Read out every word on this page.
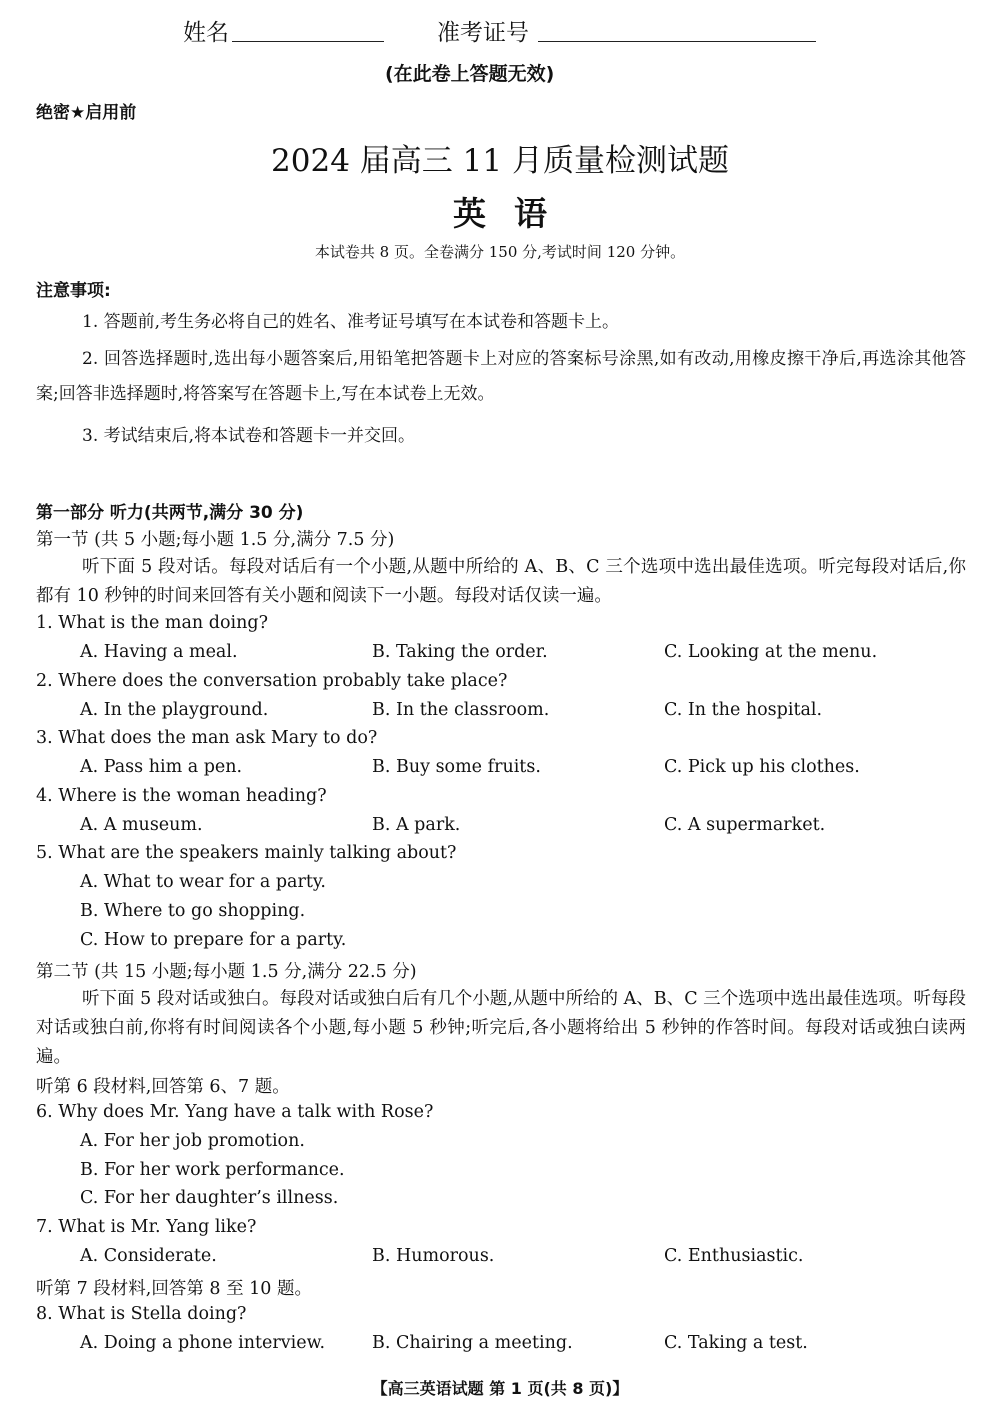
姓名	准考证号
(在此卷上答题无效)
绝密★启用前
2024 届高三 11 月质量检测试题
英语
本试卷共 8 页。全卷满分 150 分,考试时间 120 分钟。
注意事项:
1. 答题前,考生务必将自己的姓名、准考证号填写在本试卷和答题卡上。
2. 回答选择题时,选出每小题答案后,用铅笔把答题卡上对应的答案标号涂黑,如有改动,用橡皮擦干净后,再选涂其他答案;回答非选择题时,将答案写在答题卡上,写在本试卷上无效。
3. 考试结束后,将本试卷和答题卡一并交回。
第一部分 听力(共两节,满分 30 分)
第一节 (共 5 小题;每小题 1.5 分,满分 7.5 分)
听下面 5 段对话。每段对话后有一个小题,从题中所给的 A、B、C 三个选项中选出最佳选项。听完每段对话后,你都有 10 秒钟的时间来回答有关小题和阅读下一小题。每段对话仅读一遍。
1. What is the man doing?
A. Having a meal.	B. Taking the order.	C. Looking at the menu.
2. Where does the conversation probably take place?
A. In the playground.	B. In the classroom.	C. In the hospital.
3. What does the man ask Mary to do?
A. Pass him a pen.	B. Buy some fruits.	C. Pick up his clothes.
4. Where is the woman heading?
A. A museum.	B. A park.	C. A supermarket.
5. What are the speakers mainly talking about?
A. What to wear for a party.
B. Where to go shopping.
C. How to prepare for a party.
第二节 (共 15 小题;每小题 1.5 分,满分 22.5 分)
听下面 5 段对话或独白。每段对话或独白后有几个小题,从题中所给的 A、B、C 三个选项中选出最佳选项。听每段对话或独白前,你将有时间阅读各个小题,每小题 5 秒钟;听完后,各小题将给出 5 秒钟的作答时间。每段对话或独白读两遍。
听第 6 段材料,回答第 6、7 题。
6. Why does Mr. Yang have a talk with Rose?
A. For her job promotion.
B. For her work performance.
C. For her daughter’s illness.
7. What is Mr. Yang like?
A. Considerate.	B. Humorous.	C. Enthusiastic.
听第 7 段材料,回答第 8 至 10 题。
8. What is Stella doing?
A. Doing a phone interview.	B. Chairing a meeting.	C. Taking a test.
【高三英语试题 第 1 页(共 8 页)】
